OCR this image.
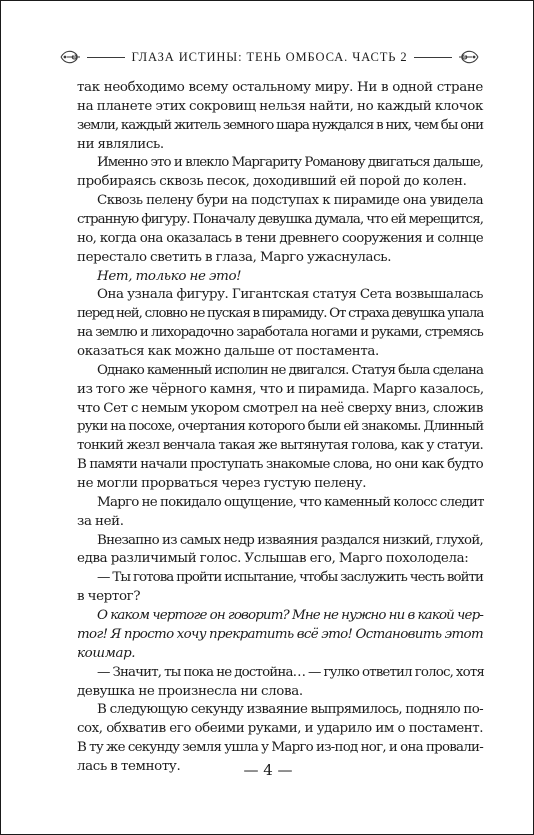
ГЛАЗА ИСТИНЫ: ТЕНЬ ОМБОСА. ЧАСТЬ 2

так необходимо всему остальному миру. Ни в одной стране
на планете этих сокровищ нельзя найти, но каждый клочок
земли, каждый житель земного шара нуждался в них, чем бы они
ни являлись.

Именно это и влекло Маргариту Романову двигаться дальше,
пробираясь сквозь песок, доходивший ей порой до колен.

Сквозь пелену бури на подступах к пирамиде она увидела
странную фигуру. Поначалу девушка думала, что ей мерещится,
но, когда она оказалась в тени древнего сооружения и солнце
перестало светить в глаза, Марго ужаснулась.

Нет, только не это!

Она узнала фигуру. Гигантская статуя Сета возвышалась
перед ней, словно не пуская в пирамиду. От страха девушка упала
на землю и лихорадочно заработала ногами и руками, стремясь
оказаться как можно дальше от постамента.

Однако каменный исполин не двигался. Статуя была сделана
из того же чёрного камня, что и пирамида. Марго казалось,
что Сет с немым укором смотрел на неё сверху вниз, сложив
руки на посохе, очертания которого были ей знакомы. Длинный
тонкий жезл венчала такая же вытянутая голова, как у статуи.
В памяти начали проступать знакомые слова, но они как будто
не могли прорваться через густую пелену.

Марго не покидало ощущение, что каменный колосс следит
за ней.

Внезапно из самых недр изваяния раздался низкий, глухой,
едва различимый голос. Услышав его, Марго похолодела:

— Ты готова пройти испытание, чтобы заслужить честь войти
в чертог?

О каком чертоге он говорит? Мне не нужно ни в какой чер-
тог! Я просто хочу прекратить всё это! Остановить этот
кошмар.

— Значит, ты пока не достойна… — гулко ответил голос, хотя
девушка не произнесла ни слова.

В следующую секунду изваяние выпрямилось, подняло по-
сох, обхватив его обеими руками, и ударило им о постамент.
В ту же секунду земля ушла у Марго из-под ног, и она провали-
лась в темноту.	— 4 —
